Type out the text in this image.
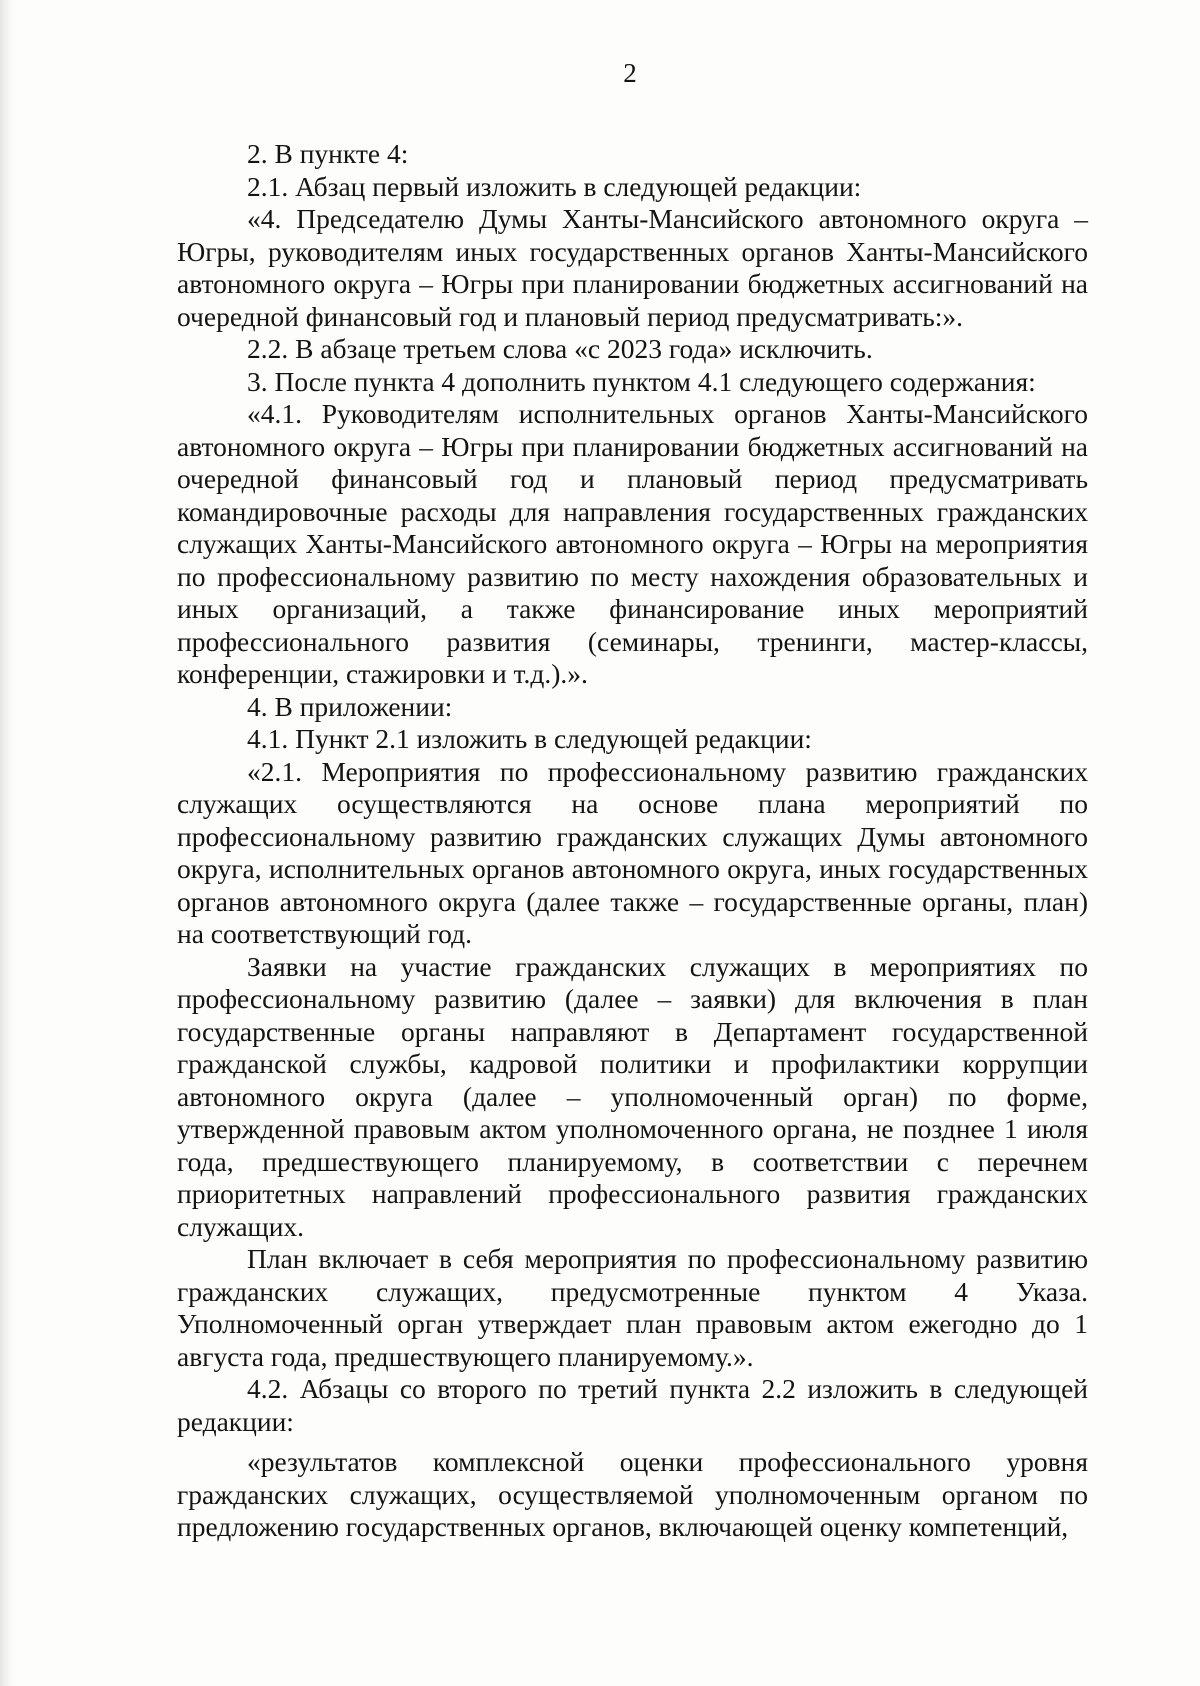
2

2. В пункте 4:

2.1. Абзац первый изложить в следующей редакции:

«4. Председателю Думы Ханты-Мансийского автономного округа – Югры, руководителям иных государственных органов Ханты-Мансийского автономного округа – Югры при планировании бюджетных ассигнований на очередной финансовый год и плановый период предусматривать:».

2.2. В абзаце третьем слова «с 2023 года» исключить.

3. После пункта 4 дополнить пунктом 4.1 следующего содержания:

«4.1. Руководителям исполнительных органов Ханты-Мансийского автономного округа – Югры при планировании бюджетных ассигнований на очередной финансовый год и плановый период предусматривать командировочные расходы для направления государственных гражданских служащих Ханты-Мансийского автономного округа – Югры на мероприятия по профессиональному развитию по месту нахождения образовательных и иных организаций, а также финансирование иных мероприятий профессионального развития (семинары, тренинги, мастер-классы, конференции, стажировки и т.д.).».

4. В приложении:

4.1. Пункт 2.1 изложить в следующей редакции:

«2.1. Мероприятия по профессиональному развитию гражданских служащих осуществляются на основе плана мероприятий по профессиональному развитию гражданских служащих Думы автономного округа, исполнительных органов автономного округа, иных государственных органов автономного округа (далее также – государственные органы, план) на соответствующий год.

Заявки на участие гражданских служащих в мероприятиях по профессиональному развитию (далее – заявки) для включения в план государственные органы направляют в Департамент государственной гражданской службы, кадровой политики и профилактики коррупции автономного округа (далее – уполномоченный орган) по форме, утвержденной правовым актом уполномоченного органа, не позднее 1 июля года, предшествующего планируемому, в соответствии с перечнем приоритетных направлений профессионального развития гражданских служащих.

План включает в себя мероприятия по профессиональному развитию гражданских служащих, предусмотренные пунктом 4 Указа. Уполномоченный орган утверждает план правовым актом ежегодно до 1 августа года, предшествующего планируемому.».

4.2. Абзацы со второго по третий пункта 2.2 изложить в следующей редакции:

«результатов комплексной оценки профессионального уровня гражданских служащих, осуществляемой уполномоченным органом по предложению государственных органов, включающей оценку компетенций,
